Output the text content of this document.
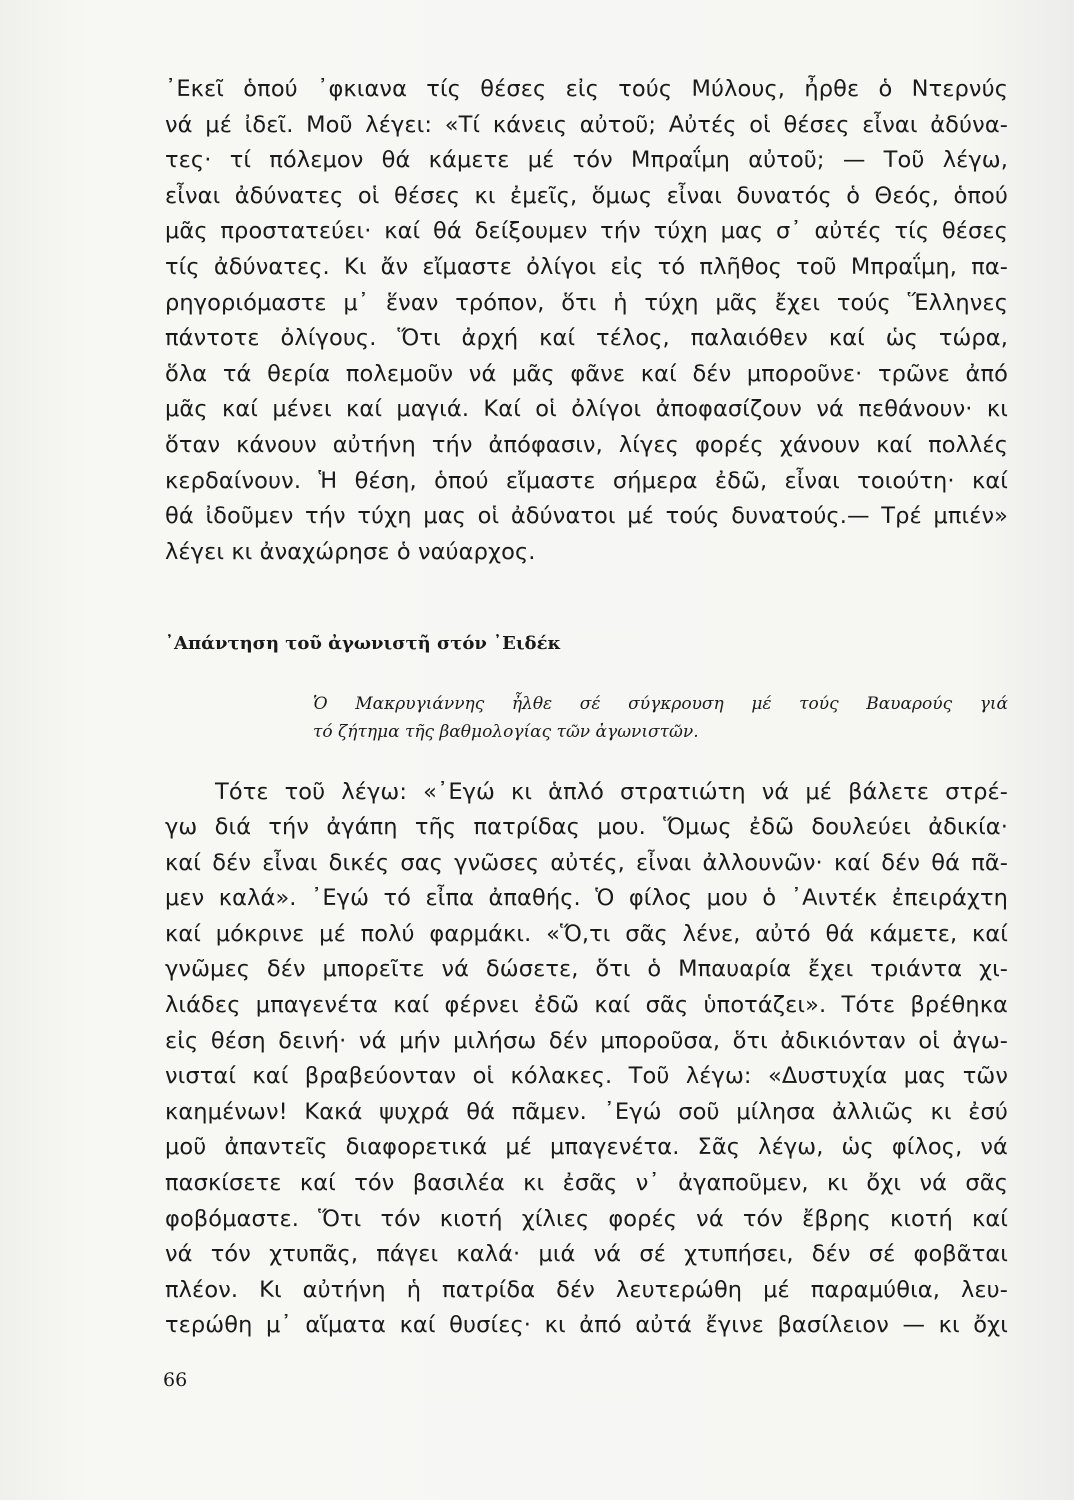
᾿Εκεῖ ὁπού ᾿φκιανα τίς θέσες εἰς τούς Μύλους, ἦρθε ὁ Ντερνύς
νά μέ ἰδεῖ. Μοῦ λέγει: «Τί κάνεις αὐτοῦ; Αὐτές οἱ θέσες εἶναι ἀδύνα-
τες· τί πόλεμον θά κάμετε μέ τόν Μπραΐμη αὐτοῦ; — Τοῦ λέγω,
εἶναι ἀδύνατες οἱ θέσες κι ἐμεῖς, ὅμως εἶναι δυνατός ὁ Θεός, ὁπού
μᾶς προστατεύει· καί θά δείξουμεν τήν τύχη μας σ᾿ αὐτές τίς θέσες
τίς ἀδύνατες. Κι ἄν εἴμαστε ὀλίγοι εἰς τό πλῆθος τοῦ Μπραΐμη, πα-
ρηγοριόμαστε μ᾿ ἕναν τρόπον, ὅτι ἡ τύχη μᾶς ἔχει τούς Ἕλληνες
πάντοτε ὀλίγους. Ὅτι ἀρχή καί τέλος, παλαιόθεν καί ὡς τώρα,
ὅλα τά θερία πολεμοῦν νά μᾶς φᾶνε καί δέν μποροῦνε· τρῶνε ἀπό
μᾶς καί μένει καί μαγιά. Καί οἱ ὀλίγοι ἀποφασίζουν νά πεθάνουν· κι
ὅταν κάνουν αὐτήνη τήν ἀπόφασιν, λίγες φορές χάνουν καί πολλές
κερδαίνουν. Ἡ θέση, ὁπού εἴμαστε σήμερα ἐδῶ, εἶναι τοιούτη· καί
θά ἰδοῦμεν τήν τύχη μας οἱ ἀδύνατοι μέ τούς δυνατούς.— Τρέ μπιέν»
λέγει κι ἀναχώρησε ὁ ναύαρχος.
᾿Απάντηση τοῦ ἀγωνιστῆ στόν ᾿Ειδέκ
Ὁ Μακρυγιάννης ἦλθε σέ σύγκρουση μέ τούς Βαυαρούς γιά
τό ζήτημα τῆς βαθμολογίας τῶν ἀγωνιστῶν.
Τότε τοῦ λέγω: «᾿Εγώ κι ἁπλό στρατιώτη νά μέ βάλετε στρέ-
γω διά τήν ἀγάπη τῆς πατρίδας μου. Ὅμως ἐδῶ δουλεύει ἀδικία·
καί δέν εἶναι δικές σας γνῶσες αὐτές, εἶναι ἀλλουνῶν· καί δέν θά πᾶ-
μεν καλά». ᾿Εγώ τό εἶπα ἀπαθής. Ὁ φίλος μου ὁ ᾿Αιντέκ ἐπειράχτη
καί μόκρινε μέ πολύ φαρμάκι. «Ὅ,τι σᾶς λένε, αὐτό θά κάμετε, καί
γνῶμες δέν μπορεῖτε νά δώσετε, ὅτι ὁ Μπαυαρία ἔχει τριάντα χι-
λιάδες μπαγενέτα καί φέρνει ἐδῶ καί σᾶς ὑποτάζει». Τότε βρέθηκα
εἰς θέση δεινή· νά μήν μιλήσω δέν μποροῦσα, ὅτι ἀδικιόνταν οἱ ἀγω-
νισταί καί βραβεύονταν οἱ κόλακες. Τοῦ λέγω: «Δυστυχία μας τῶν
καημένων! Κακά ψυχρά θά πᾶμεν. ᾿Εγώ σοῦ μίλησα ἀλλιῶς κι ἐσύ
μοῦ ἀπαντεῖς διαφορετικά μέ μπαγενέτα. Σᾶς λέγω, ὡς φίλος, νά
πασκίσετε καί τόν βασιλέα κι ἐσᾶς ν᾿ ἀγαποῦμεν, κι ὄχι νά σᾶς
φοβόμαστε. Ὅτι τόν κιοτή χίλιες φορές νά τόν ἔβρης κιοτή καί
νά τόν χτυπᾶς, πάγει καλά· μιά νά σέ χτυπήσει, δέν σέ φοβᾶται
πλέον. Κι αὐτήνη ἡ πατρίδα δέν λευτερώθη μέ παραμύθια, λευ-
τερώθη μ᾿ αἵματα καί θυσίες· κι ἀπό αὐτά ἔγινε βασίλειον — κι ὄχι
66
